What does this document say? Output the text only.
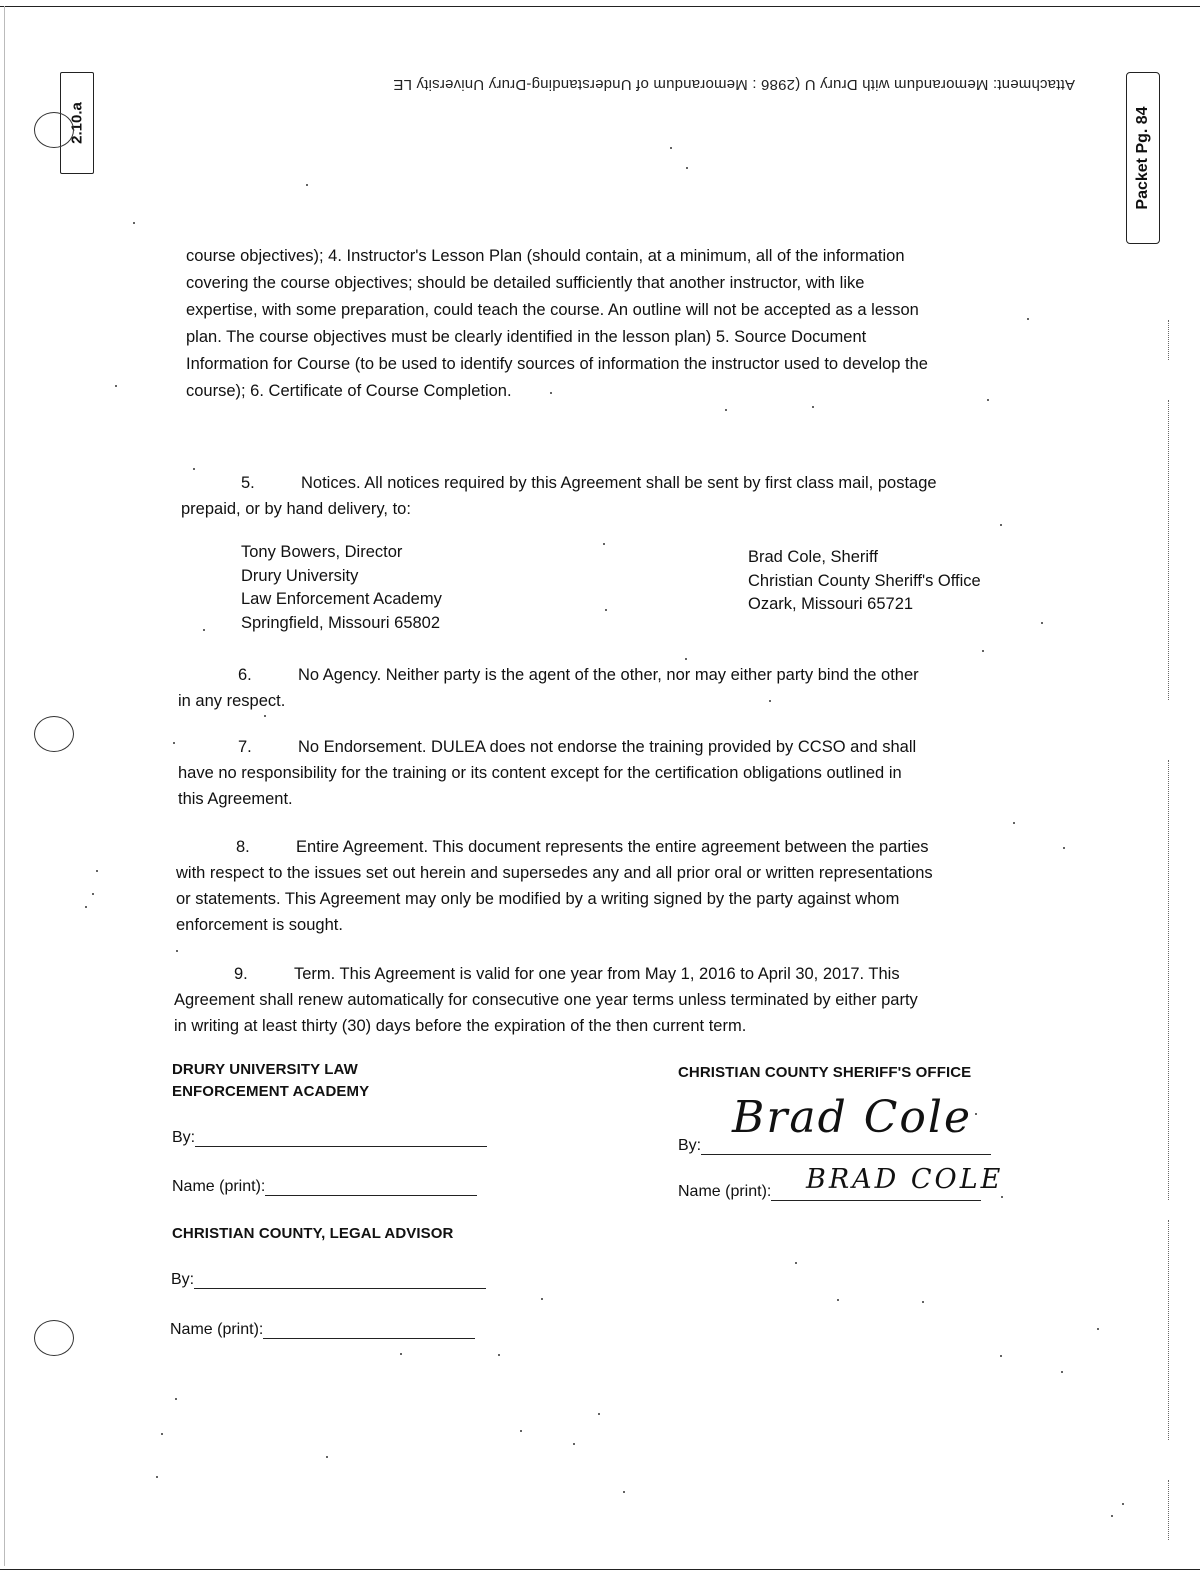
Attachment: Memorandum with Drury U (2986 : Memorandum of Understanding-Drury University LE
2.10.a	Packet Pg. 84
course objectives); 4. Instructor's Lesson Plan (should contain, at a minimum, all of the information
covering the course objectives; should be detailed sufficiently that another instructor, with like
expertise, with some preparation, could teach the course. An outline will not be accepted as a lesson
plan. The course objectives must be clearly identified in the lesson plan) 5. Source Document
Information for Course (to be used to identify sources of information the instructor used to develop the
course); 6. Certificate of Course Completion.
5.	Notices. All notices required by this Agreement shall be sent by first class mail, postage
prepaid, or by hand delivery, to:
Tony Bowers, Director
Drury University
Law Enforcement Academy
Springfield, Missouri 65802
Brad Cole, Sheriff
Christian County Sheriff's Office
Ozark, Missouri 65721
6.	No Agency. Neither party is the agent of the other, nor may either party bind the other
in any respect.
7.	No Endorsement. DULEA does not endorse the training provided by CCSO and shall
have no responsibility for the training or its content except for the certification obligations outlined in
this Agreement.
8.	Entire Agreement. This document represents the entire agreement between the parties
with respect to the issues set out herein and supersedes any and all prior oral or written representations
or statements. This Agreement may only be modified by a writing signed by the party against whom
enforcement is sought.
9.	Term. This Agreement is valid for one year from May 1, 2016 to April 30, 2017. This
Agreement shall renew automatically for consecutive one year terms unless terminated by either party
in writing at least thirty (30) days before the expiration of the then current term.
DRURY UNIVERSITY LAW
ENFORCEMENT ACADEMY
By:
Name (print):
CHRISTIAN COUNTY, LEGAL ADVISOR
By:
Name (print):
CHRISTIAN COUNTY SHERIFF'S OFFICE
By:
Brad Cole
Name (print):	BRAD COLE
